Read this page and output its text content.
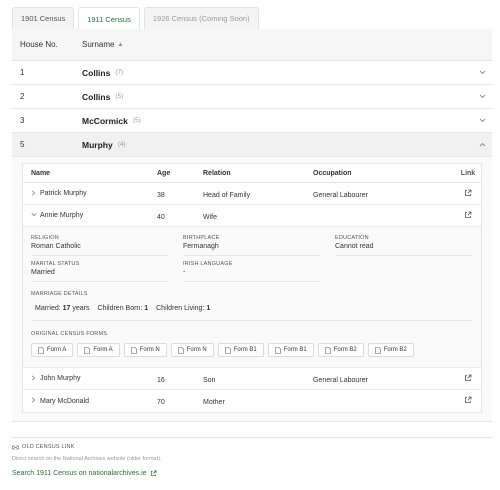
1901 Census	1911 Census	1926 Census (Coming Soon)
House No.	Surname ▲
1	Collins (7)
2	Collins (5)
3	McCormick (5)
5	Murphy (4)
Name	Age	Relation	Occupation	Link
Patrick Murphy	38	Head of Family	General Labourer
Annie Murphy	40	Wife
RELIGION
Roman Catholic
BIRTHPLACE
Fermanagh
EDUCATION
Cannot read
MARITAL STATUS
Married
IRISH LANGUAGE
-
MARRIAGE DETAILS
Married: 17 years Children Born: 1 Children Living: 1
ORIGINAL CENSUS FORMS
Form A	Form A	Form N	Form N	Form B1	Form B1	Form B2	Form B2
John Murphy	16	Son	General Labourer
Mary McDonald	70	Mother
OLD CENSUS LINK
Direct search on the National Archives website (older format).
Search 1911 Census on nationalarchives.ie
